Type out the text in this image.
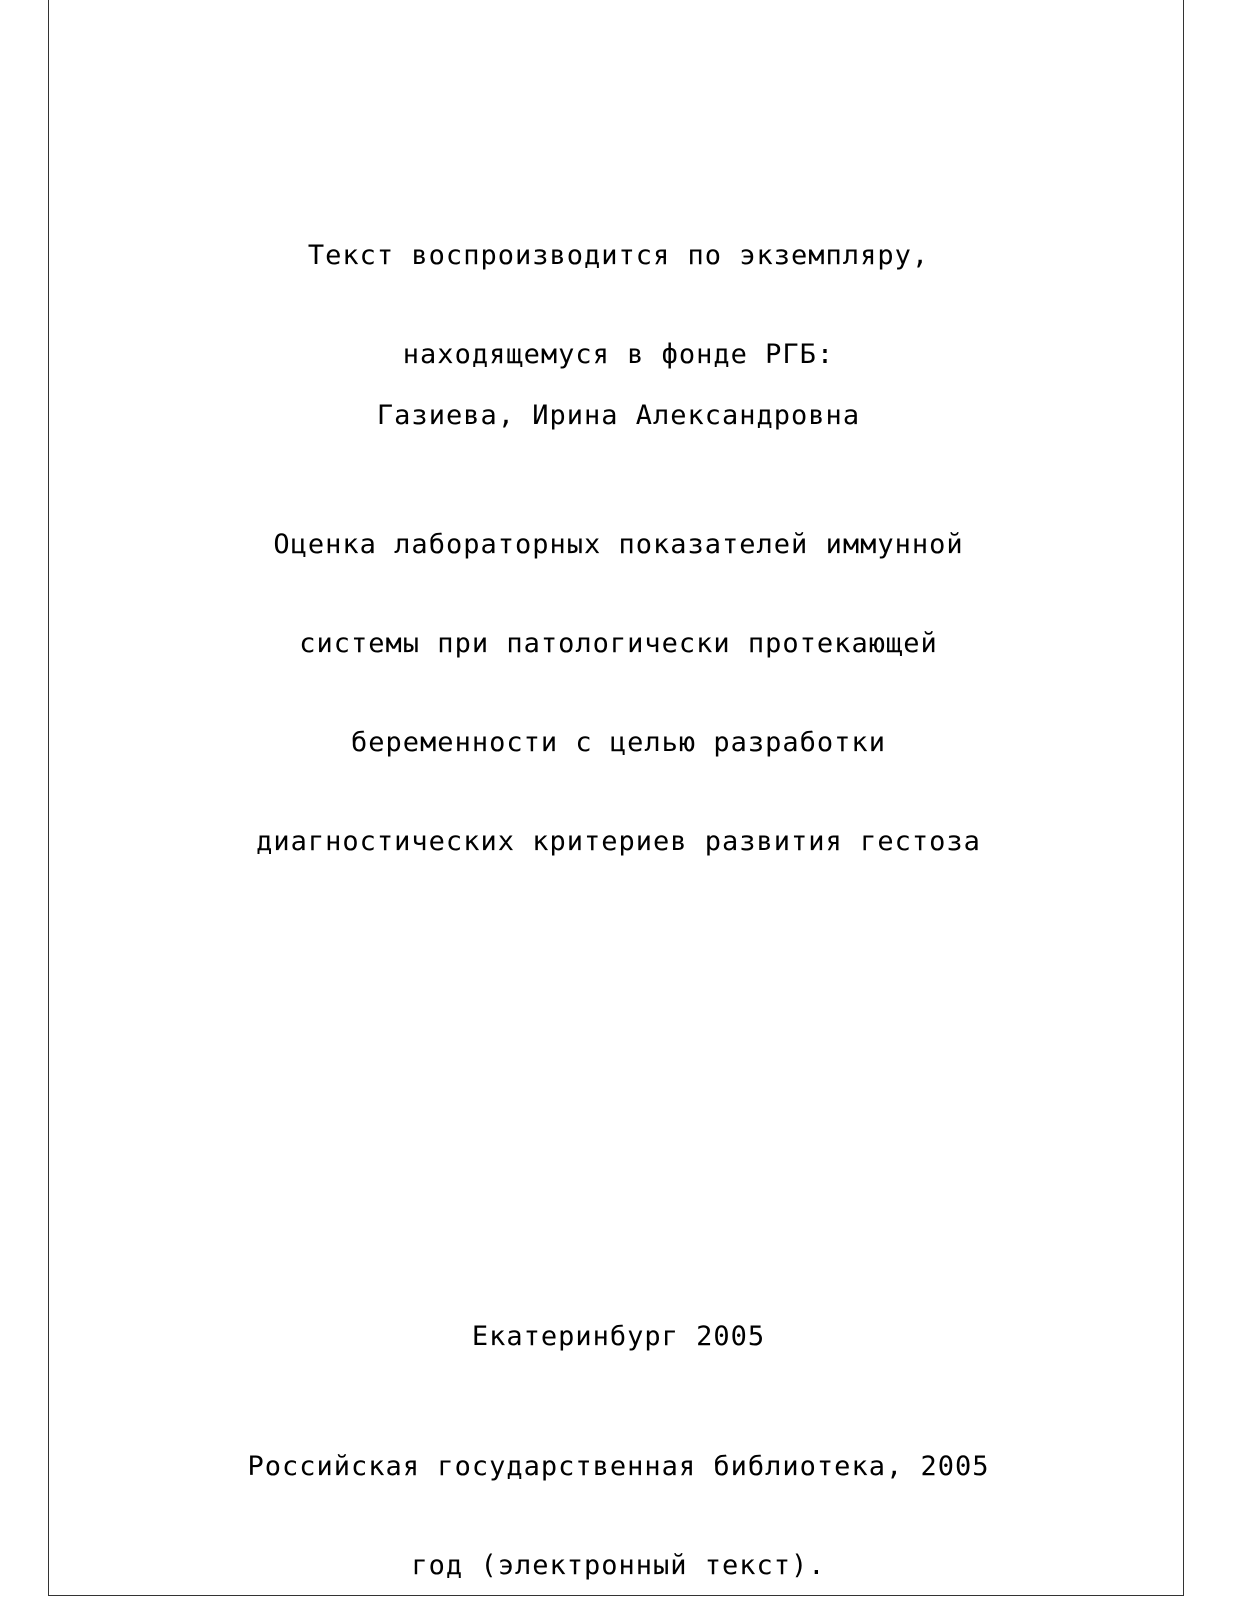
Текст воспроизводится по экземпляру,

находящемуся в фонде РГБ:

Газиева, Ирина Александровна

Оценка лабораторных показателей иммунной

системы при патологически протекающей

беременности с целью разработки

диагностических критериев развития гестоза

Екатеринбург 2005

Российская государственная библиотека, 2005

год (электронный текст).
